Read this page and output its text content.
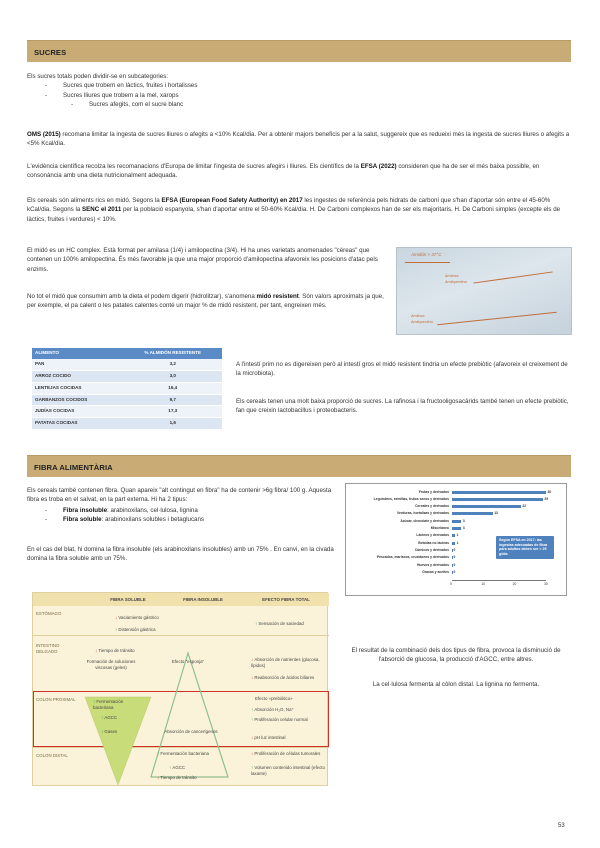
SUCRES

Els sucres totals poden dividir-se en subcategories:

- Sucres que trobem en làctics, fruites i hortalisses
- Sucres lliures que trobem a la mel, xarops
- Sucres afegits, com el sucre blanc

OMS (2015) recomana limitar la ingesta de sucres lliures o afegits a <10% Kcal/dia. Per a obtenir majors beneficis per a la salut, suggereix que es redueixi més la ingesta de sucres lliures o afegits a <5% Kcal/dia.

L'evidència científica recolza les recomanacions d'Europa de limitar l'ingesta de sucres afegirs i lliures. Els científics de la EFSA (2022) consideren que ha de ser el més baixa possible, en consonància amb una dieta nutricionalment adequada.

Els cereals són aliments rics en midó. Segons la EFSA (European Food Safety Authority) en 2017 les ingestes de referència pels hidrats de carboni que s'han d'aportar són entre el 45-60% kCal/dia. Segons la SENC el 2011 per la població espanyola, s'han d'aportar entre el 50-60% Kcal/dia. H. De Carboni complexos han de ser els majoritaris. H. De Carboni simples (excepte els de làctics, fruites i verdures) < 10%.

El midó es un HC complex. Està format per amilasa (1/4) i amilopectina (3/4). Hi ha unes varietats anomenades "céreas" que contenen un 100% amilopectina. És més favorable ja que una major proporció d'amilopectina afavoreix les posicions d'atac pels enzims.

No tot el midó que consumim amb la dieta el podem digerir (hidrolitzar), s'anomena midó resistent. Són valors aproximats ja que, per exemple, el pa calent o les patates calentes conté un major % de midó resistent, per tant, engreixen més.

Amidón > 37°C
Amilosa
Amilopectina
Amilosa
Amilopectina
ALIMENTO	% ALMIDÓN RESISTENTE
PAN	3,2
ARROZ COCIDO	3,0
LENTEJAS COCIDAS	16,4
GARBANZOS COCIDOS	9,7
JUDÍAS COCIDAS	17,3
PATATAS COCIDAS	1,6

A l'intestí prim no es digereixen però al intestí gros el midó resistent tindria un efecte prebiòtic (afavoreix el creixement de la microbiota).

Els cereals tenen una molt baixa proporció de sucres. La rafinosa i la fructooligosacàrids també tenen un efecte prebiòtic, fan que creixin lactobacillus i proteobacteris.

FIBRA ALIMENTÀRIA

Els cereals també contenen fibra. Quan apareix "alt contingut en fibra" ha de contenir >6g fibra/ 100 g. Aquesta fibra es troba en el salvat, en la part externa. Hi ha 2 tipus:

- Fibra insoluble: arabinoxilans, cel·lulosa, lignina
- Fibra soluble: arabinoxilans solubles i betaglucans

En el cas del blat, hi domina la fibra insoluble (els arabinoxilans insolubles) amb un 75% . En canvi, en la civada domina la fibra soluble amb un 75%.

Frutas y derivados	30
Legumbres, semillas, frutos secos y derivados	29
Cereales y derivados	22
Verduras, hortalizas y derivados	13
Azúcar, chocolate y derivados	3
Misceláneo	3
Lácteos y derivados 1
Bebidas no lácteas 1
Cárnicos y derivados 0
Pescados, mariscos, crustáceos y derivados 0
Huevos y derivados 0
Grasas y aceites 0
0	10	20	30
Según EFSA en 2017: las ingestas adecuadas de fibra para adultos deben ser > 25 g/día.
FIBRA SOLUBLE	FIBRA INSOLUBLE	EFECTO FIBRA TOTAL
ESTÓMAGO
INTESTINO DELGADO
COLON PROXIMAL
COLON DISTAL
↓ Vaciamiento gástrico
↑ Distensión gástrica
↑ Sensación de saciedad
↓ Tiempo de tránsito
Formación de soluciones viscosas (geles)
Efecto "esponja"	↓ Absorción de nutrientes (glucosa, lípidos)
↓ Reabsorción de ácidos biliares
↑ Fermentación bacteriana
↑ AGCC
↑ Gases	Absorción de cancerígenos
Efecto «prebiótico»
↑ Absorción H₂O, Na⁺
↑ Proliferación celular normal
↓ pH luz intestinal
↑ Fermentación bacteriana
↑ AGCC
↓ Tiempo de tránsito
↓ Proliferación de células tumorales
↑ Volumen contenido intestinal (efecto laxante)

El resultat de la combinació dels dos tipus de fibra, provoca la disminució de l'absorció de glucosa, la producció d'AGCC, entre altres.

La cel·lulosa fermenta al còlon distal. La lignina no fermenta.

53
